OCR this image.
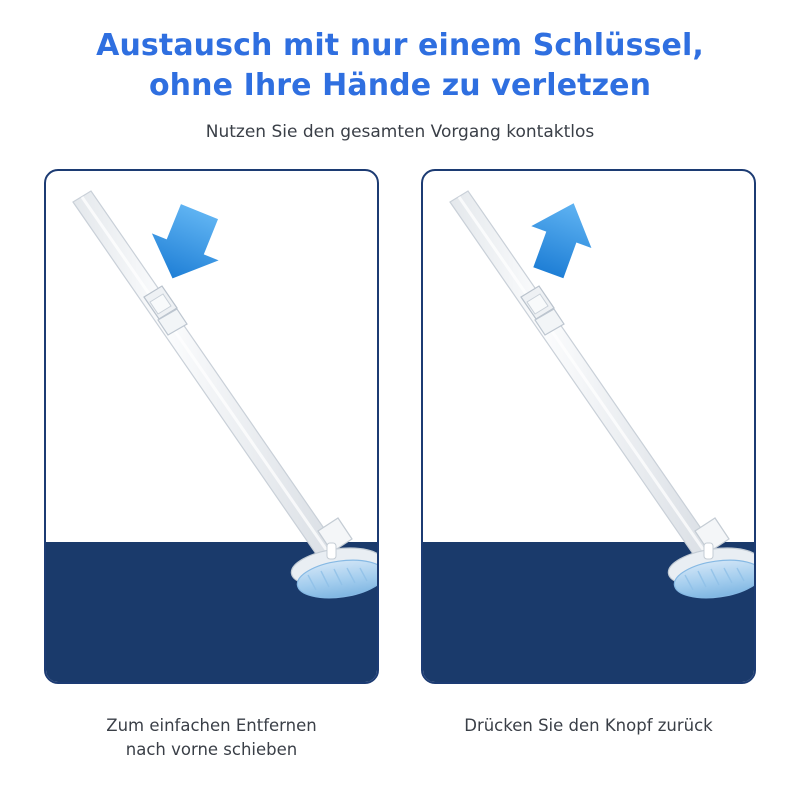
Austausch mit nur einem Schlüssel,
ohne Ihre Hände zu verletzen
Nutzen Sie den gesamten Vorgang kontaktlos
Zum einfachen Entfernen
nach vorne schieben
Drücken Sie den Knopf zurück
